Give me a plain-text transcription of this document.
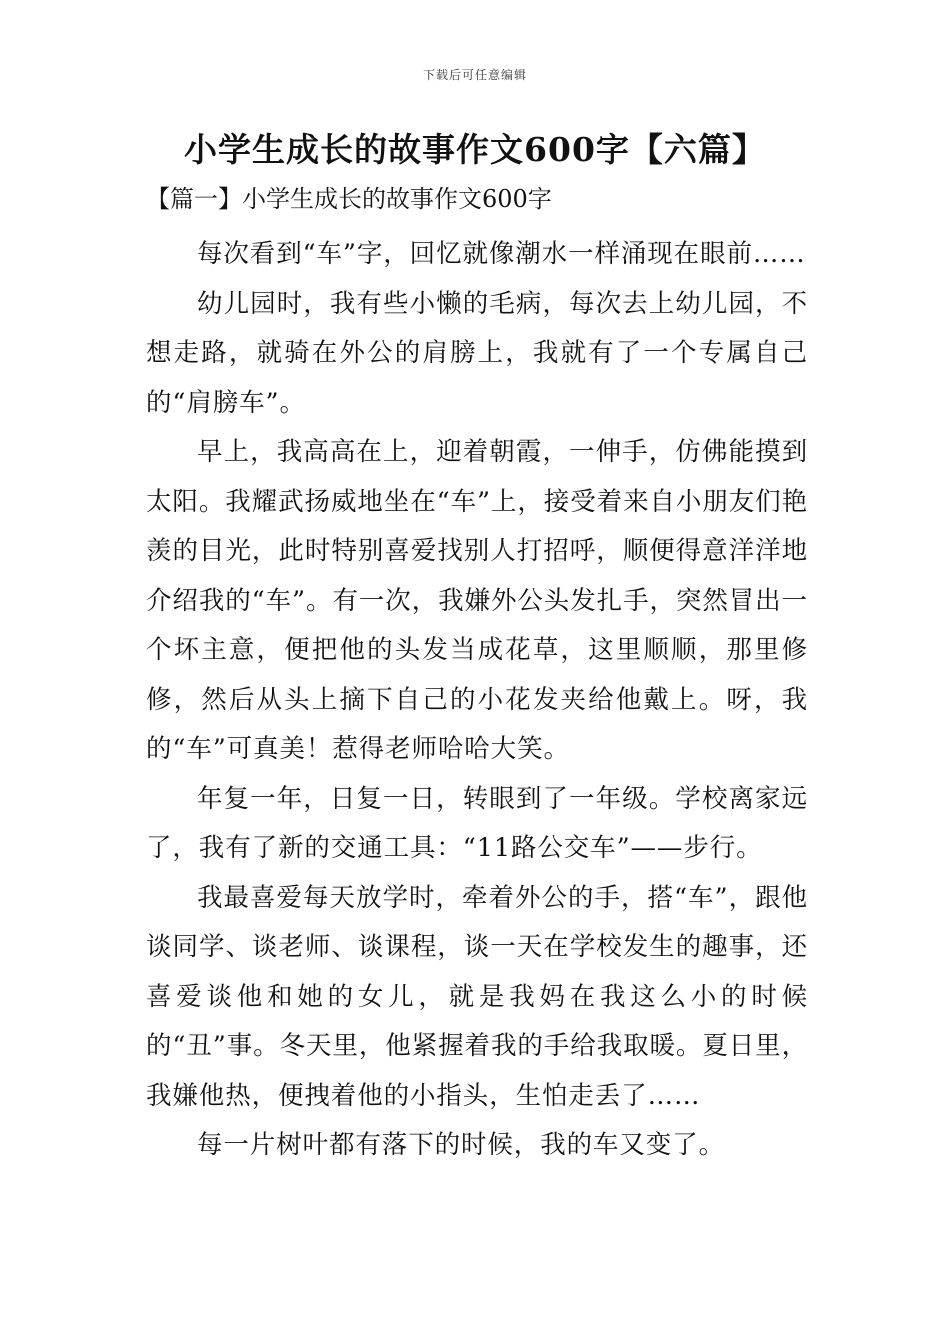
下载后可任意编辑
小学生成长的故事作文600字【六篇】
【篇一】小学生成长的故事作文600字

每次看到“车”字，回忆就像潮水一样涌现在眼前……

幼儿园时，我有些小懒的毛病，每次去上幼儿园，不想走路，就骑在外公的肩膀上，我就有了一个专属自己的“肩膀车”。

早上，我高高在上，迎着朝霞，一伸手，仿佛能摸到太阳。我耀武扬威地坐在“车”上，接受着来自小朋友们艳羡的目光，此时特别喜爱找别人打招呼，顺便得意洋洋地介绍我的“车”。有一次，我嫌外公头发扎手，突然冒出一个坏主意，便把他的头发当成花草，这里顺顺，那里修修，然后从头上摘下自己的小花发夹给他戴上。呀，我的“车”可真美！惹得老师哈哈大笑。

年复一年，日复一日，转眼到了一年级。学校离家远了，我有了新的交通工具：“11路公交车”——步行。

我最喜爱每天放学时，牵着外公的手，搭“车”，跟他谈同学、谈老师、谈课程，谈一天在学校发生的趣事，还喜爱谈他和她的女儿，就是我妈在我这么小的时候的“丑”事。冬天里，他紧握着我的手给我取暖。夏日里，我嫌他热，便拽着他的小指头，生怕走丢了……

每一片树叶都有落下的时候，我的车又变了。
